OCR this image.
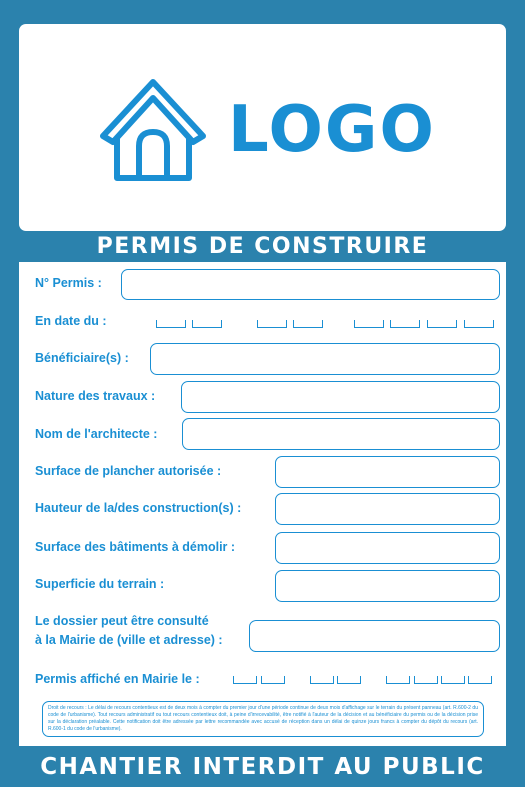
LOGO
PERMIS DE CONSTRUIRE
N° Permis :
En date du :
Bénéficiaire(s) :
Nature des travaux :
Nom de l'architecte :
Surface de plancher autorisée :
Hauteur de la/des construction(s) :
Surface des bâtiments à démolir :
Superficie du terrain :
Le dossier peut être consulté
à la Mairie de (ville et adresse) :
Permis affiché en Mairie le :
Droit de recours : Le délai de recours contentieux est de deux mois à compter du premier jour d'une période continue de deux mois d'affichage sur le terrain du présent panneau (art. R.600-2 du code de l'urbanisme). Tout recours administratif ou tout recours contentieux doit, à peine d'irrecevabilité, être notifié à l'auteur de la décision et au bénéficiaire du permis ou de la décision prise sur la déclaration préalable. Cette notification doit être adressée par lettre recommandée avec accusé de réception dans un délai de quinze jours francs à compter du dépôt du recours (art. R.600-1 du code de l'urbanisme).
CHANTIER INTERDIT AU PUBLIC
